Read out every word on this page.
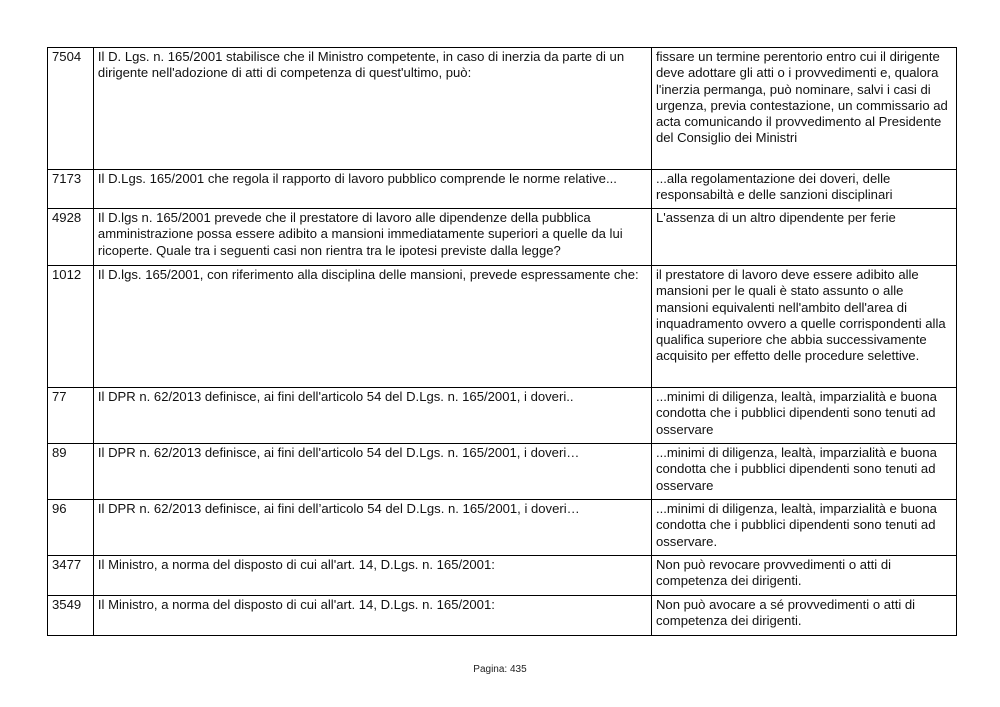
7504	Il D. Lgs. n. 165/2001 stabilisce che il Ministro competente, in caso di inerzia da parte di un dirigente nell'adozione di atti di competenza di quest'ultimo, può:	fissare un termine perentorio entro cui il dirigente deve adottare gli atti o i provvedimenti e, qualora l'inerzia permanga, può nominare, salvi i casi di urgenza, previa contestazione, un commissario ad acta comunicando il provvedimento al Presidente del Consiglio dei Ministri
7173	Il D.Lgs. 165/2001 che regola il rapporto di lavoro pubblico comprende le norme relative...	...alla regolamentazione dei doveri, delle responsabiltà e delle sanzioni disciplinari
4928	Il D.lgs n. 165/2001 prevede che il prestatore di lavoro alle dipendenze della pubblica amministrazione possa essere adibito a mansioni immediatamente superiori a quelle da lui ricoperte. Quale tra i seguenti casi non rientra tra le ipotesi previste dalla legge?	L'assenza di un altro dipendente per ferie
1012	Il D.lgs. 165/2001, con riferimento alla disciplina delle mansioni, prevede espressamente che:	il prestatore di lavoro deve essere adibito alle mansioni per le quali è stato assunto o alle mansioni equivalenti nell'ambito dell'area di inquadramento ovvero a quelle corrispondenti alla qualifica superiore che abbia successivamente acquisito per effetto delle procedure selettive.
77	Il DPR n. 62/2013 definisce, ai fini dell'articolo 54 del D.Lgs. n. 165/2001, i doveri..	...minimi di diligenza, lealtà, imparzialità e buona condotta che i pubblici dipendenti sono tenuti ad osservare
89	Il DPR n. 62/2013 definisce, ai fini dell'articolo 54 del D.Lgs. n. 165/2001, i doveri…	...minimi di diligenza, lealtà, imparzialità e buona condotta che i pubblici dipendenti sono tenuti ad osservare
96	Il DPR n. 62/2013 definisce, ai fini dell’articolo 54 del D.Lgs. n. 165/2001, i doveri…	...minimi di diligenza, lealtà, imparzialità e buona condotta che i pubblici dipendenti sono tenuti ad osservare.
3477	Il Ministro, a norma del disposto di cui all'art. 14, D.Lgs. n. 165/2001:	Non può revocare provvedimenti o atti di competenza dei dirigenti.
3549	Il Ministro, a norma del disposto di cui all'art. 14, D.Lgs. n. 165/2001:	Non può avocare a sé provvedimenti o atti di competenza dei dirigenti.
Pagina: 435
